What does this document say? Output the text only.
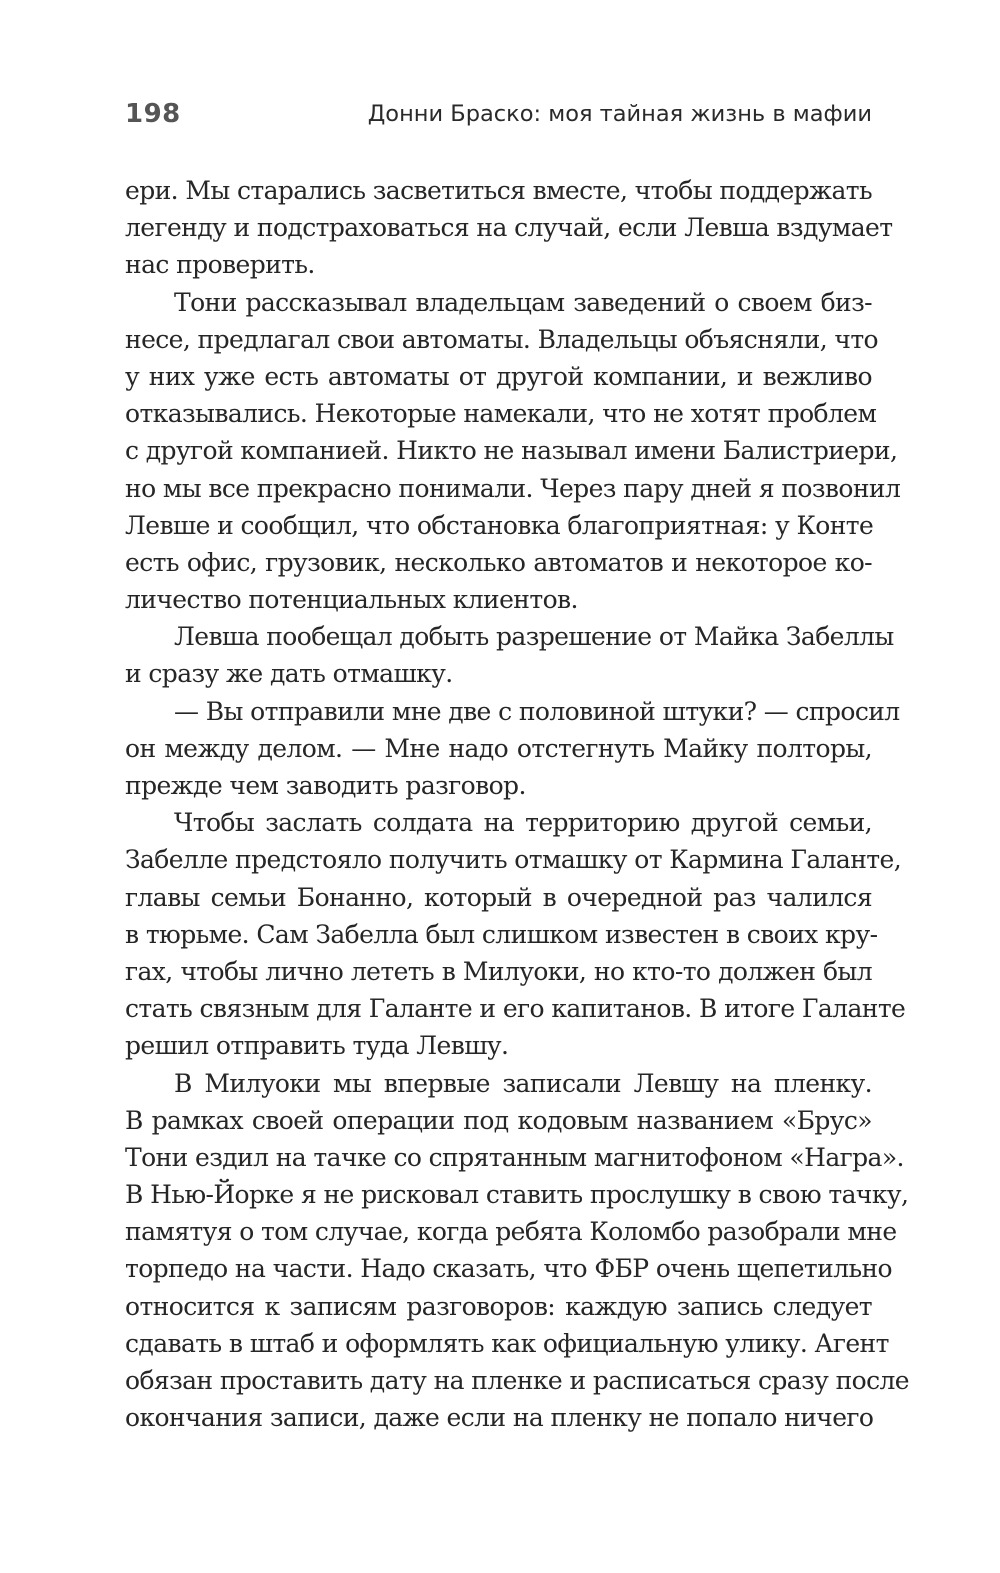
198	Донни Браско: моя тайная жизнь в мафии
ери. Мы старались засветиться вместе, чтобы поддержать
легенду и подстраховаться на случай, если Левша вздумает
нас проверить.
Тони рассказывал владельцам заведений о своем биз-
несе, предлагал свои автоматы. Владельцы объясняли, что
у них уже есть автоматы от другой компании, и вежливо
отказывались. Некоторые намекали, что не хотят проблем
с другой компанией. Никто не называл имени Балистриери,
но мы все прекрасно понимали. Через пару дней я позвонил
Левше и сообщил, что обстановка благоприятная: у Конте
есть офис, грузовик, несколько автоматов и некоторое ко-
личество потенциальных клиентов.
Левша пообещал добыть разрешение от Майка Забеллы
и сразу же дать отмашку.
— Вы отправили мне две с половиной штуки? — спросил
он между делом. — Мне надо отстегнуть Майку полторы,
прежде чем заводить разговор.
Чтобы заслать солдата на территорию другой семьи,
Забелле предстояло получить отмашку от Кармина Галанте,
главы семьи Бонанно, который в очередной раз чалился
в тюрьме. Сам Забелла был слишком известен в своих кру-
гах, чтобы лично лететь в Милуоки, но кто-то должен был
стать связным для Галанте и его капитанов. В итоге Галанте
решил отправить туда Левшу.
В Милуоки мы впервые записали Левшу на пленку.
В рамках своей операции под кодовым названием «Брус»
Тони ездил на тачке со спрятанным магнитофоном «Награ».
В Нью-Йорке я не рисковал ставить прослушку в свою тачку,
памятуя о том случае, когда ребята Коломбо разобрали мне
торпедо на части. Надо сказать, что ФБР очень щепетильно
относится к записям разговоров: каждую запись следует
сдавать в штаб и оформлять как официальную улику. Агент
обязан проставить дату на пленке и расписаться сразу после
окончания записи, даже если на пленку не попало ничего
